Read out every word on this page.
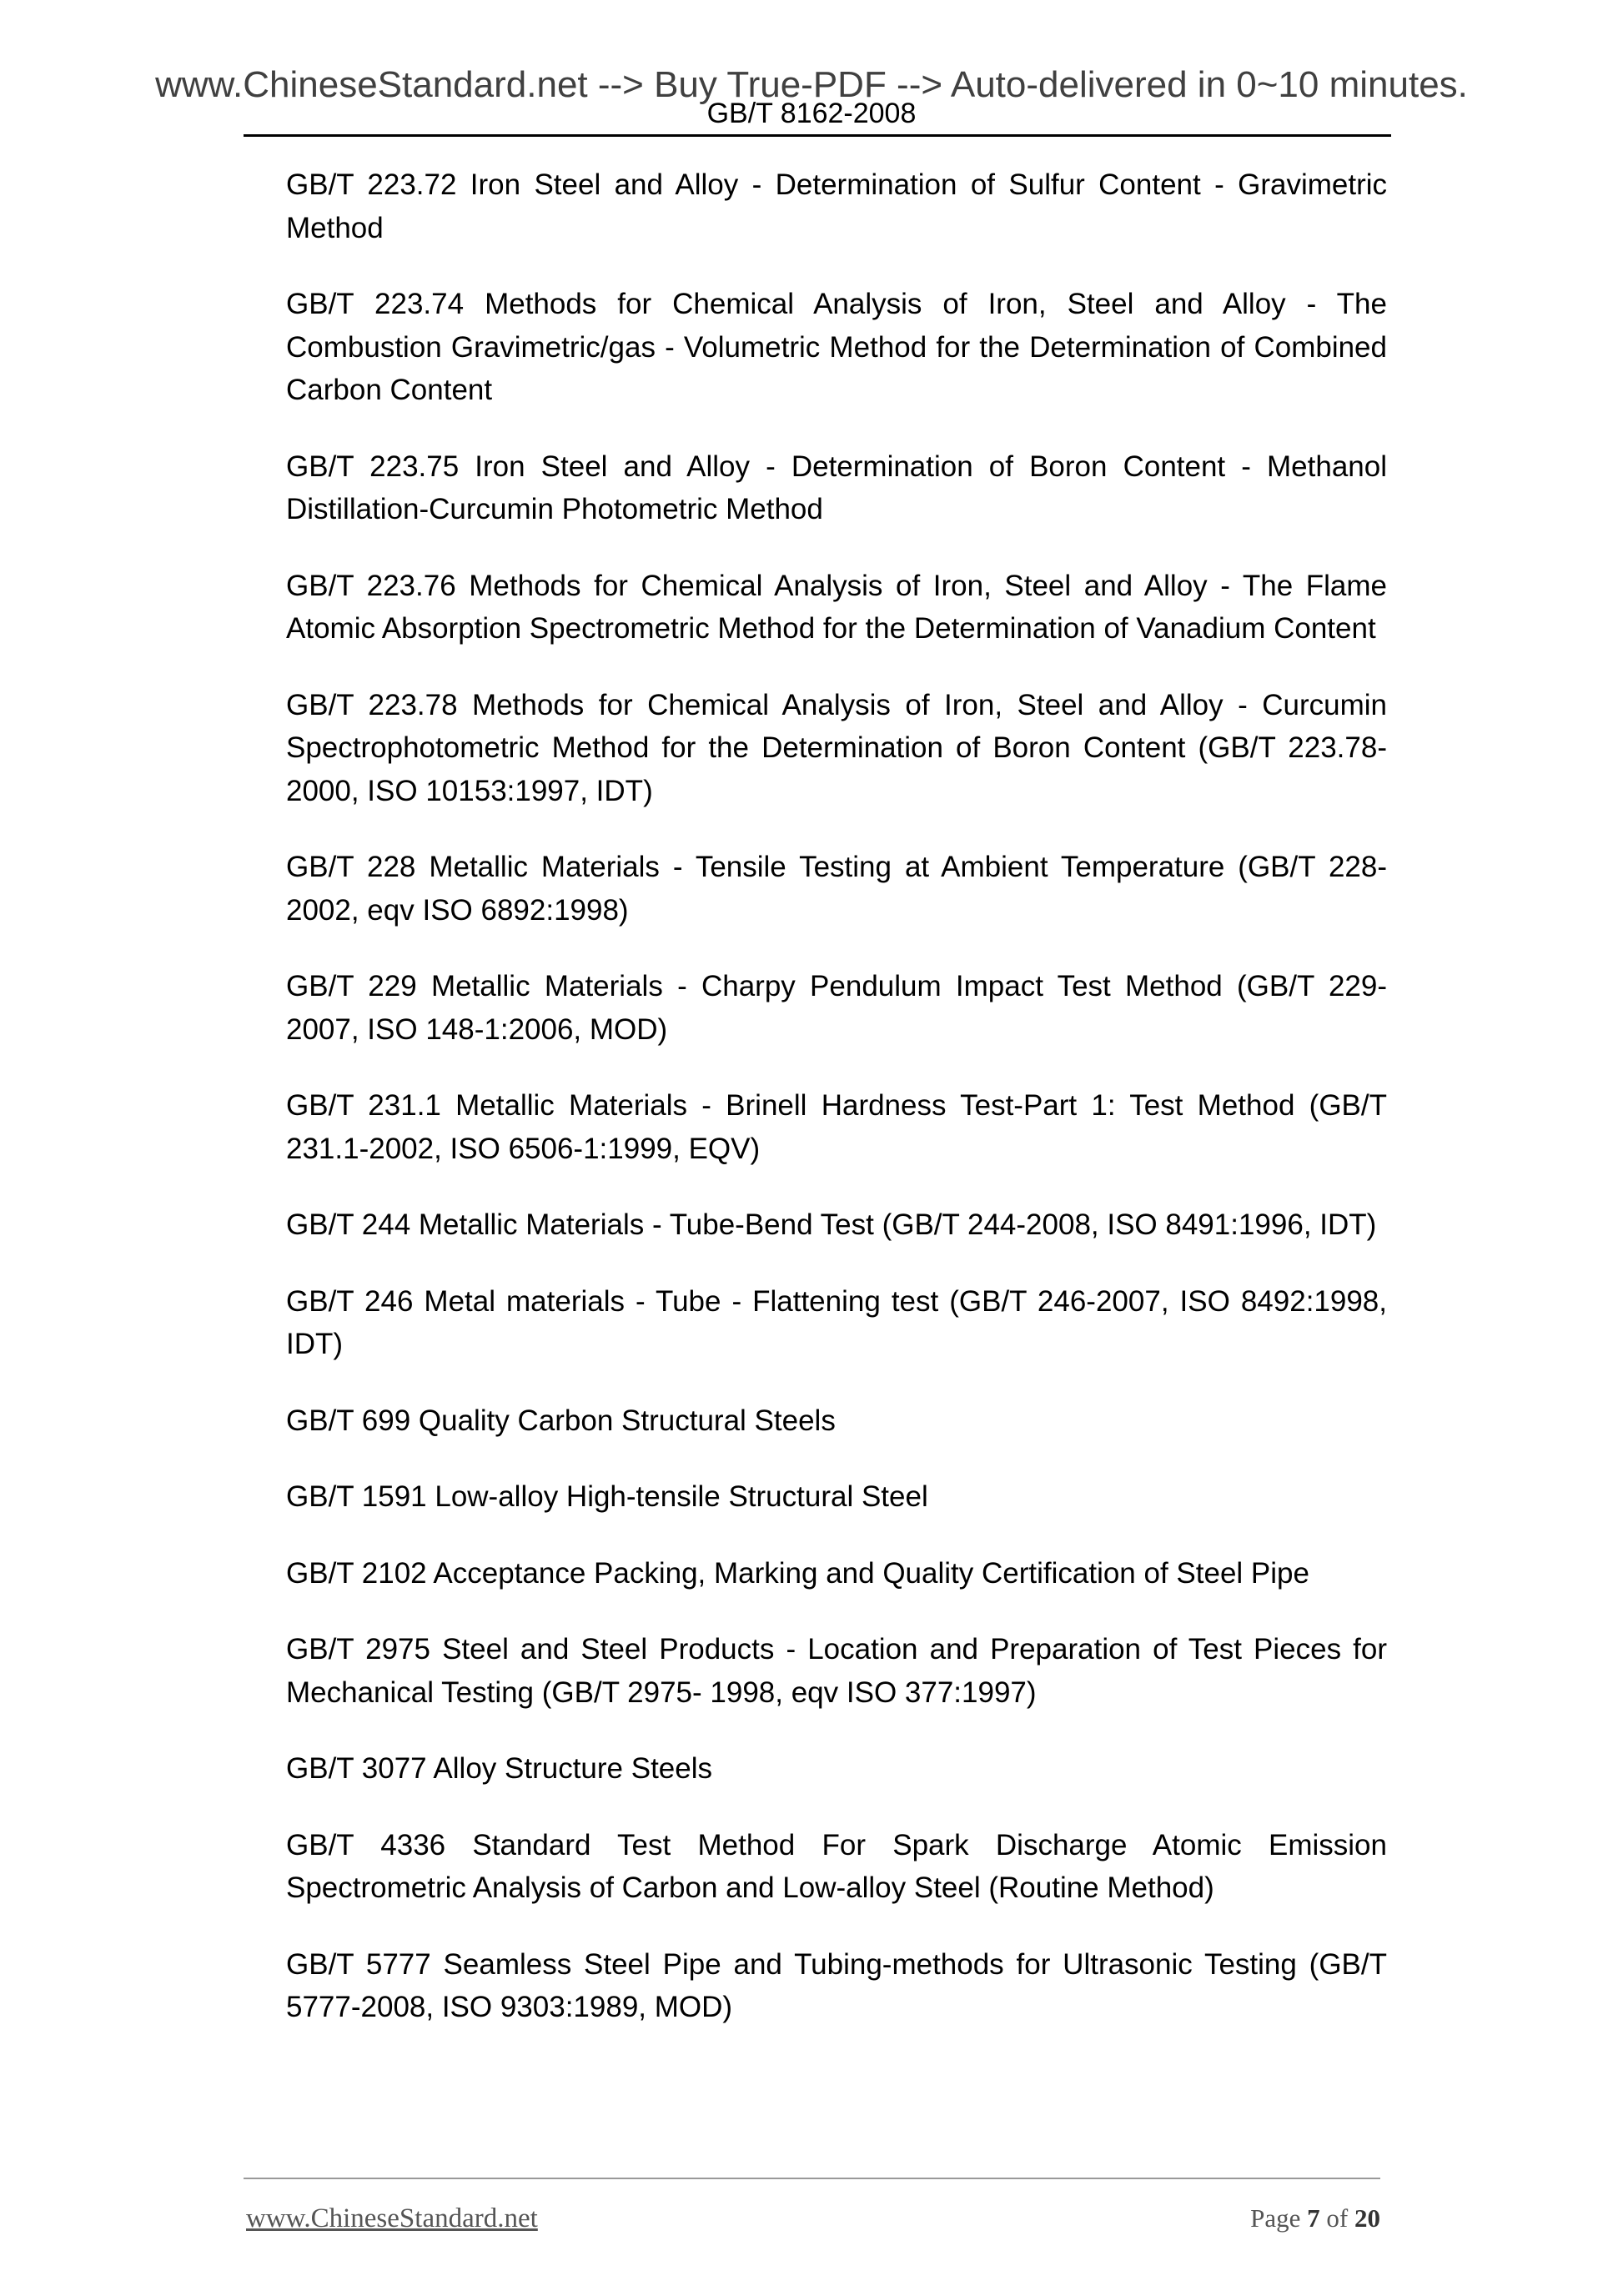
www.ChineseStandard.net --> Buy True-PDF --> Auto-delivered in 0~10 minutes.
GB/T 8162-2008

GB/T 223.72 Iron Steel and Alloy - Determination of Sulfur Content - Gravimetric Method

GB/T 223.74 Methods for Chemical Analysis of Iron, Steel and Alloy - The Combustion Gravimetric/gas - Volumetric Method for the Determination of Combined Carbon Content

GB/T 223.75 Iron Steel and Alloy - Determination of Boron Content - Methanol Distillation-Curcumin Photometric Method

GB/T 223.76 Methods for Chemical Analysis of Iron, Steel and Alloy - The Flame Atomic Absorption Spectrometric Method for the Determination of Vanadium Content

GB/T 223.78 Methods for Chemical Analysis of Iron, Steel and Alloy - Curcumin Spectrophotometric Method for the Determination of Boron Content (GB/T 223.78-2000, ISO 10153:1997, IDT)

GB/T 228 Metallic Materials - Tensile Testing at Ambient Temperature (GB/T 228-2002, eqv ISO 6892:1998)

GB/T 229 Metallic Materials - Charpy Pendulum Impact Test Method (GB/T 229-2007, ISO 148-1:2006, MOD)

GB/T 231.1 Metallic Materials - Brinell Hardness Test-Part 1: Test Method (GB/T 231.1-2002, ISO 6506-1:1999, EQV)

GB/T 244 Metallic Materials - Tube-Bend Test (GB/T 244-2008, ISO 8491:1996, IDT)

GB/T 246 Metal materials - Tube - Flattening test (GB/T 246-2007, ISO 8492:1998, IDT)

GB/T 699 Quality Carbon Structural Steels

GB/T 1591 Low-alloy High-tensile Structural Steel

GB/T 2102 Acceptance Packing, Marking and Quality Certification of Steel Pipe

GB/T 2975 Steel and Steel Products - Location and Preparation of Test Pieces for Mechanical Testing (GB/T 2975- 1998, eqv ISO 377:1997)

GB/T 3077 Alloy Structure Steels

GB/T 4336 Standard Test Method For Spark Discharge Atomic Emission Spectrometric Analysis of Carbon and Low-alloy Steel (Routine Method)

GB/T 5777 Seamless Steel Pipe and Tubing-methods for Ultrasonic Testing (GB/T 5777-2008, ISO 9303:1989, MOD)

www.ChineseStandard.net	Page 7 of 20
